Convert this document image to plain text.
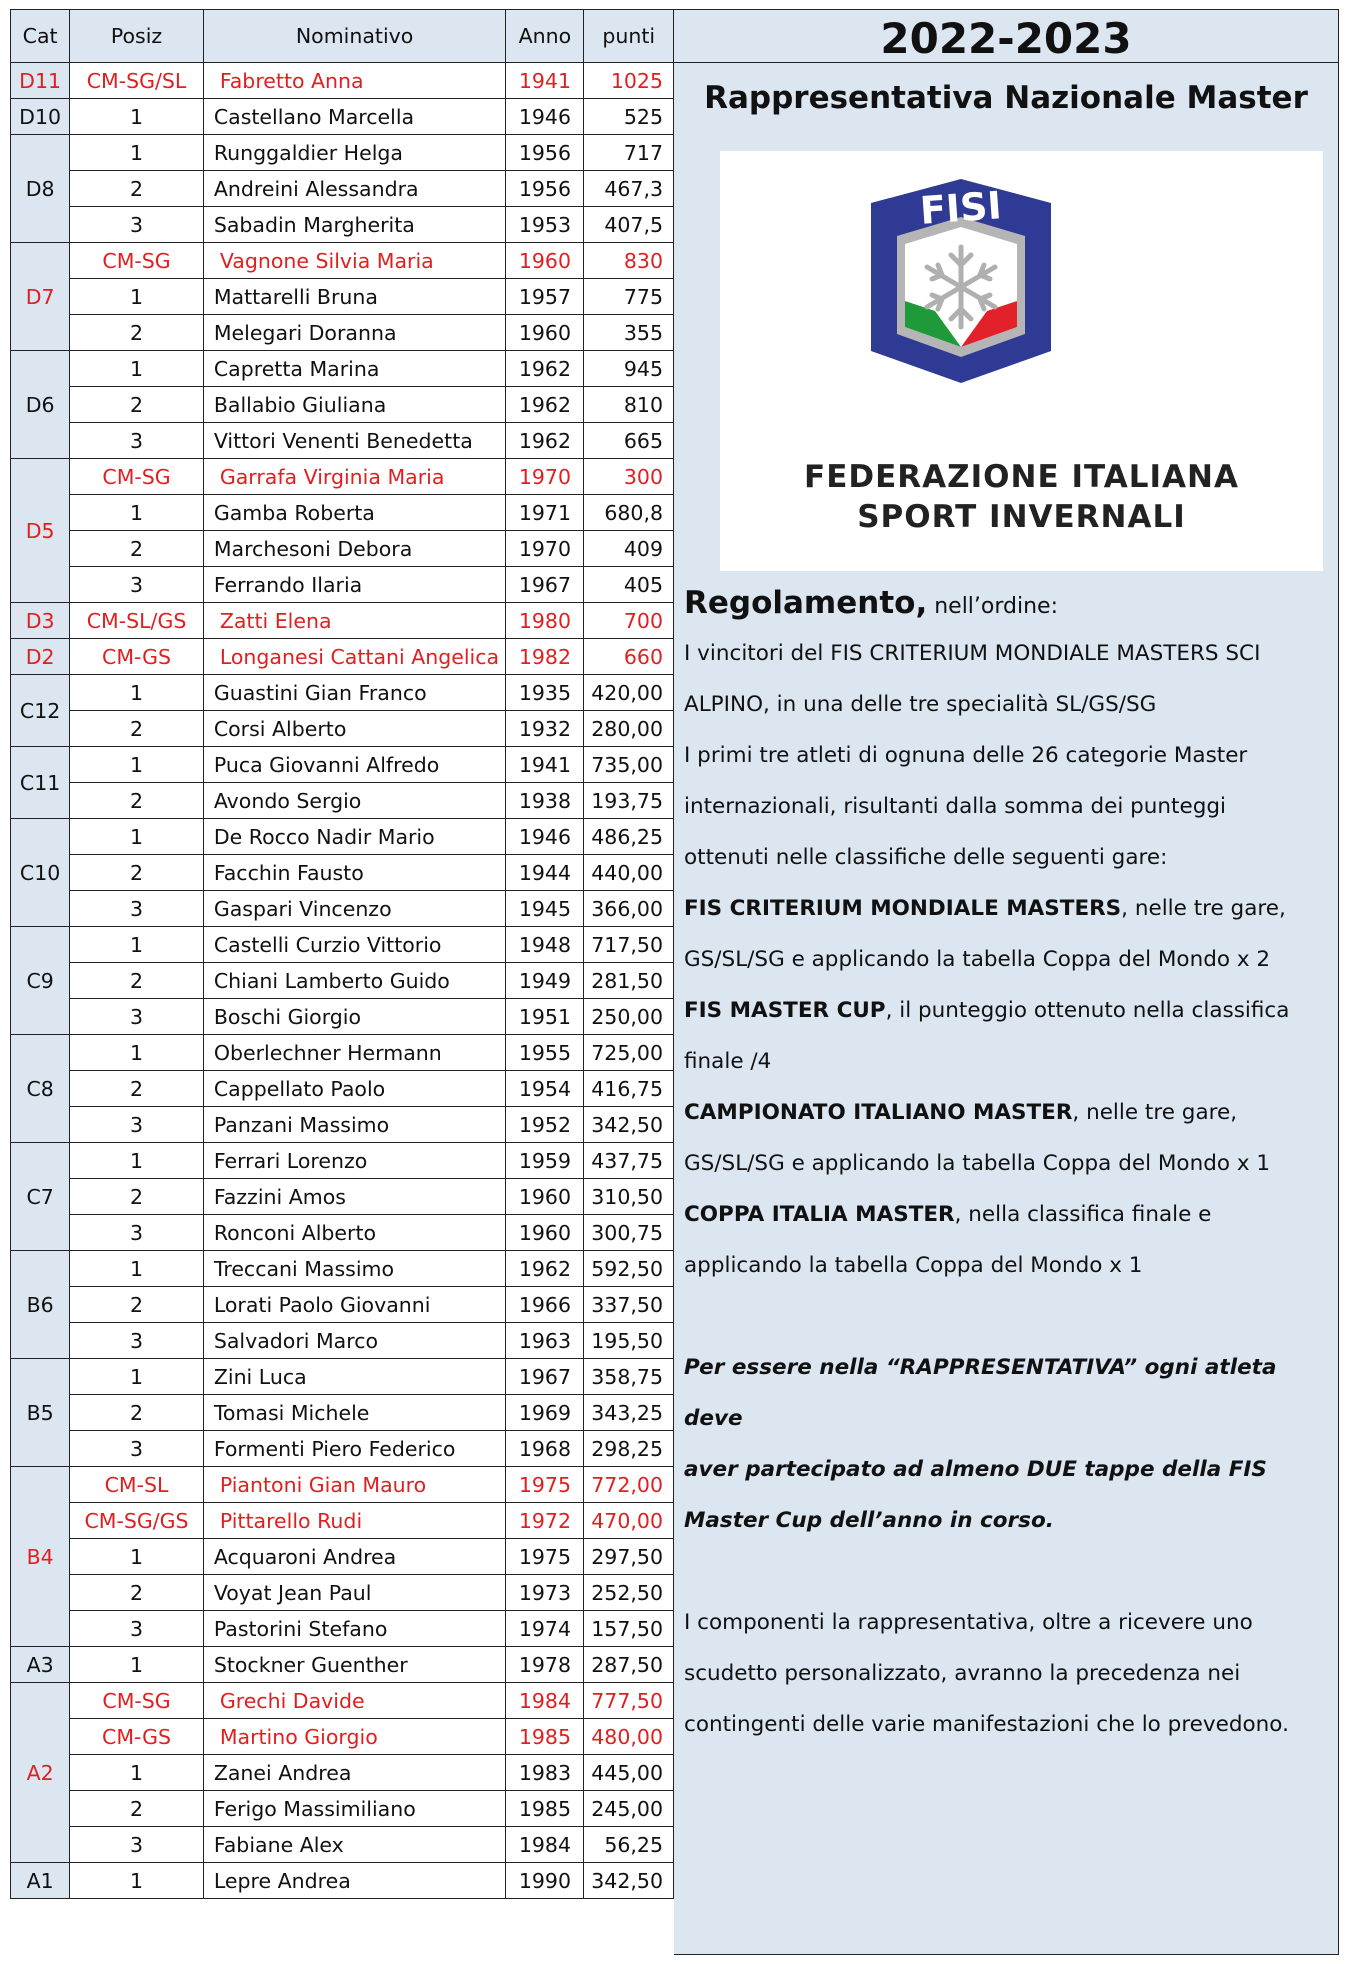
Cat	Posiz	Nominativo	Anno	punti
D11	CM-SG/SL	Fabretto Anna	1941	1025
D10	1	Castellano Marcella	1946	525
D8	1	Runggaldier Helga	1956	717
	2	Andreini Alessandra	1956	467,3
	3	Sabadin Margherita	1953	407,5
D7	CM-SG	Vagnone Silvia Maria	1960	830
	1	Mattarelli Bruna	1957	775
	2	Melegari Doranna	1960	355
D6	1	Capretta Marina	1962	945
	2	Ballabio Giuliana	1962	810
	3	Vittori Venenti Benedetta	1962	665
D5	CM-SG	Garrafa Virginia Maria	1970	300
	1	Gamba Roberta	1971	680,8
	2	Marchesoni Debora	1970	409
	3	Ferrando Ilaria	1967	405
D3	CM-SL/GS	Zatti Elena	1980	700
D2	CM-GS	Longanesi Cattani Angelica	1982	660
C12	1	Guastini Gian Franco	1935	420,00
	2	Corsi Alberto	1932	280,00
C11	1	Puca Giovanni Alfredo	1941	735,00
	2	Avondo Sergio	1938	193,75
C10	1	De Rocco Nadir Mario	1946	486,25
	2	Facchin Fausto	1944	440,00
	3	Gaspari Vincenzo	1945	366,00
C9	1	Castelli Curzio Vittorio	1948	717,50
	2	Chiani Lamberto Guido	1949	281,50
	3	Boschi Giorgio	1951	250,00
C8	1	Oberlechner Hermann	1955	725,00
	2	Cappellato Paolo	1954	416,75
	3	Panzani Massimo	1952	342,50
C7	1	Ferrari Lorenzo	1959	437,75
	2	Fazzini Amos	1960	310,50
	3	Ronconi Alberto	1960	300,75
B6	1	Treccani Massimo	1962	592,50
	2	Lorati Paolo Giovanni	1966	337,50
	3	Salvadori Marco	1963	195,50
B5	1	Zini Luca	1967	358,75
	2	Tomasi Michele	1969	343,25
	3	Formenti Piero Federico	1968	298,25
B4	CM-SL	Piantoni Gian Mauro	1975	772,00
	CM-SG/GS	Pittarello Rudi	1972	470,00
	1	Acquaroni Andrea	1975	297,50
	2	Voyat Jean Paul	1973	252,50
	3	Pastorini Stefano	1974	157,50
A3	1	Stockner Guenther	1978	287,50
A2	CM-SG	Grechi Davide	1984	777,50
	CM-GS	Martino Giorgio	1985	480,00
	1	Zanei Andrea	1983	445,00
	2	Ferigo Massimiliano	1985	245,00
	3	Fabiane Alex	1984	56,25
A1	1	Lepre Andrea	1990	342,50
2022-2023
Rappresentativa Nazionale Master
FISI
FEDERAZIONE ITALIANA
SPORT INVERNALI
Regolamento, nell’ordine:

I vincitori del FIS CRITERIUM MONDIALE MASTERS SCI

ALPINO, in una delle tre specialità SL/GS/SG

I primi tre atleti di ognuna delle 26 categorie Master

internazionali, risultanti dalla somma dei punteggi

ottenuti nelle classifiche delle seguenti gare:

FIS CRITERIUM MONDIALE MASTERS, nelle tre gare,

GS/SL/SG e applicando la tabella Coppa del Mondo x 2

FIS MASTER CUP, il punteggio ottenuto nella classifica

finale /4

CAMPIONATO ITALIANO MASTER, nelle tre gare,

GS/SL/SG e applicando la tabella Coppa del Mondo x 1

COPPA ITALIA MASTER, nella classifica finale e

applicando la tabella Coppa del Mondo x 1

Per essere nella “RAPPRESENTATIVA” ogni atleta deve

aver partecipato ad almeno DUE tappe della FIS

Master Cup dell’anno in corso.

I componenti la rappresentativa, oltre a ricevere uno

scudetto personalizzato, avranno la precedenza nei

contingenti delle varie manifestazioni che lo prevedono.
